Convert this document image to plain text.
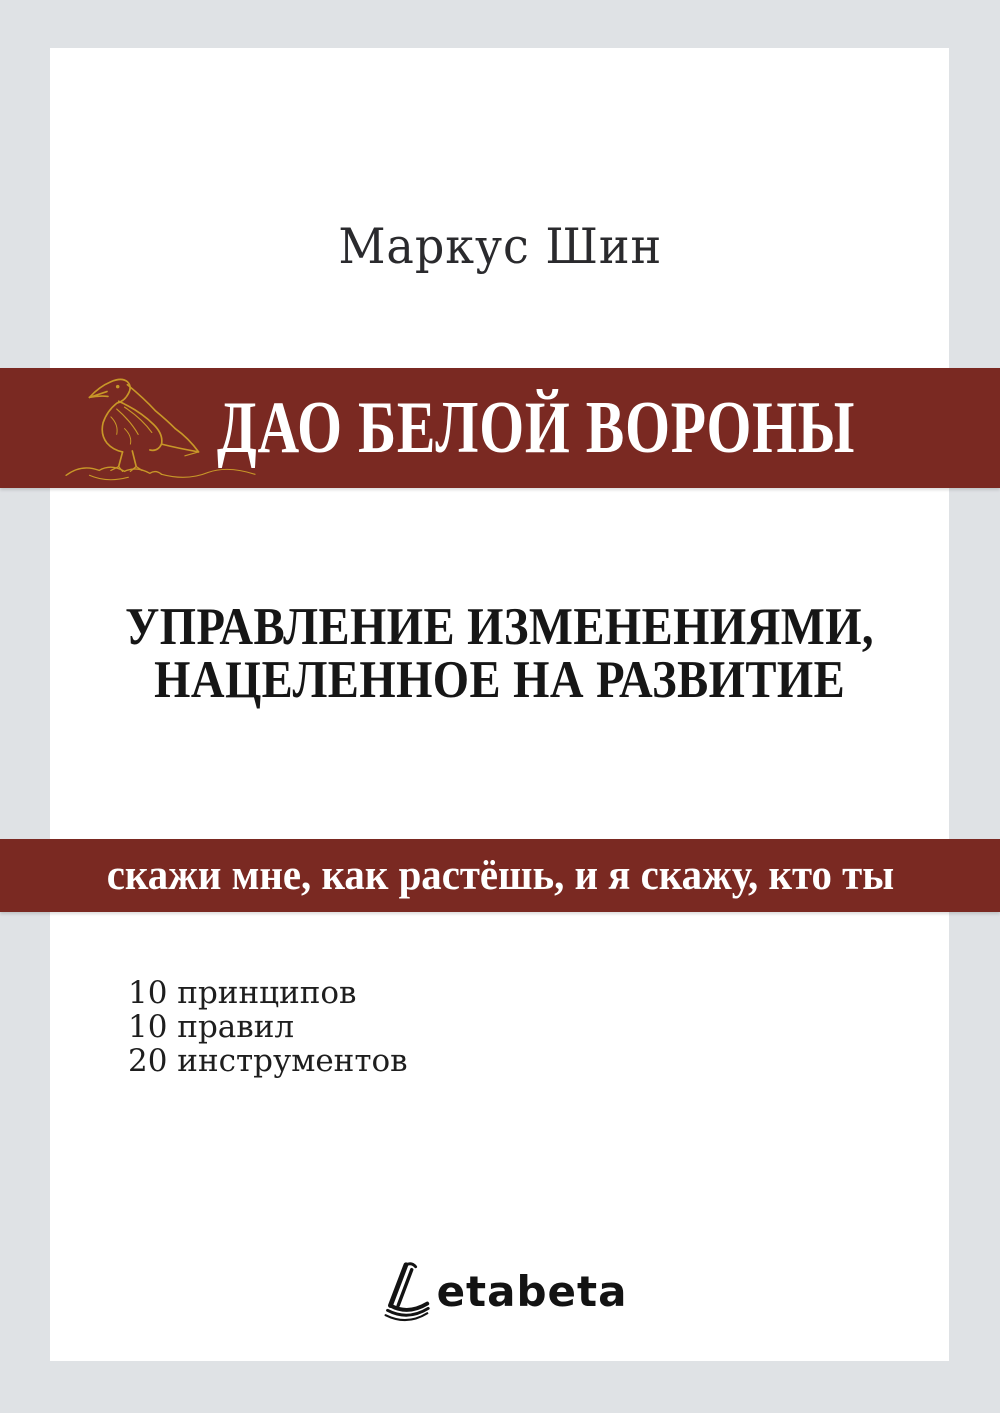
Маркус Шин
ДАО БЕЛОЙ ВОРОНЫ
УПРАВЛЕНИЕ ИЗМЕНЕНИЯМИ,
НАЦЕЛЕННОЕ НА РАЗВИТИЕ
скажи мне, как растёшь, и я скажу, кто ты
10 принципов
10 правил
20 инструментов
etabeta
